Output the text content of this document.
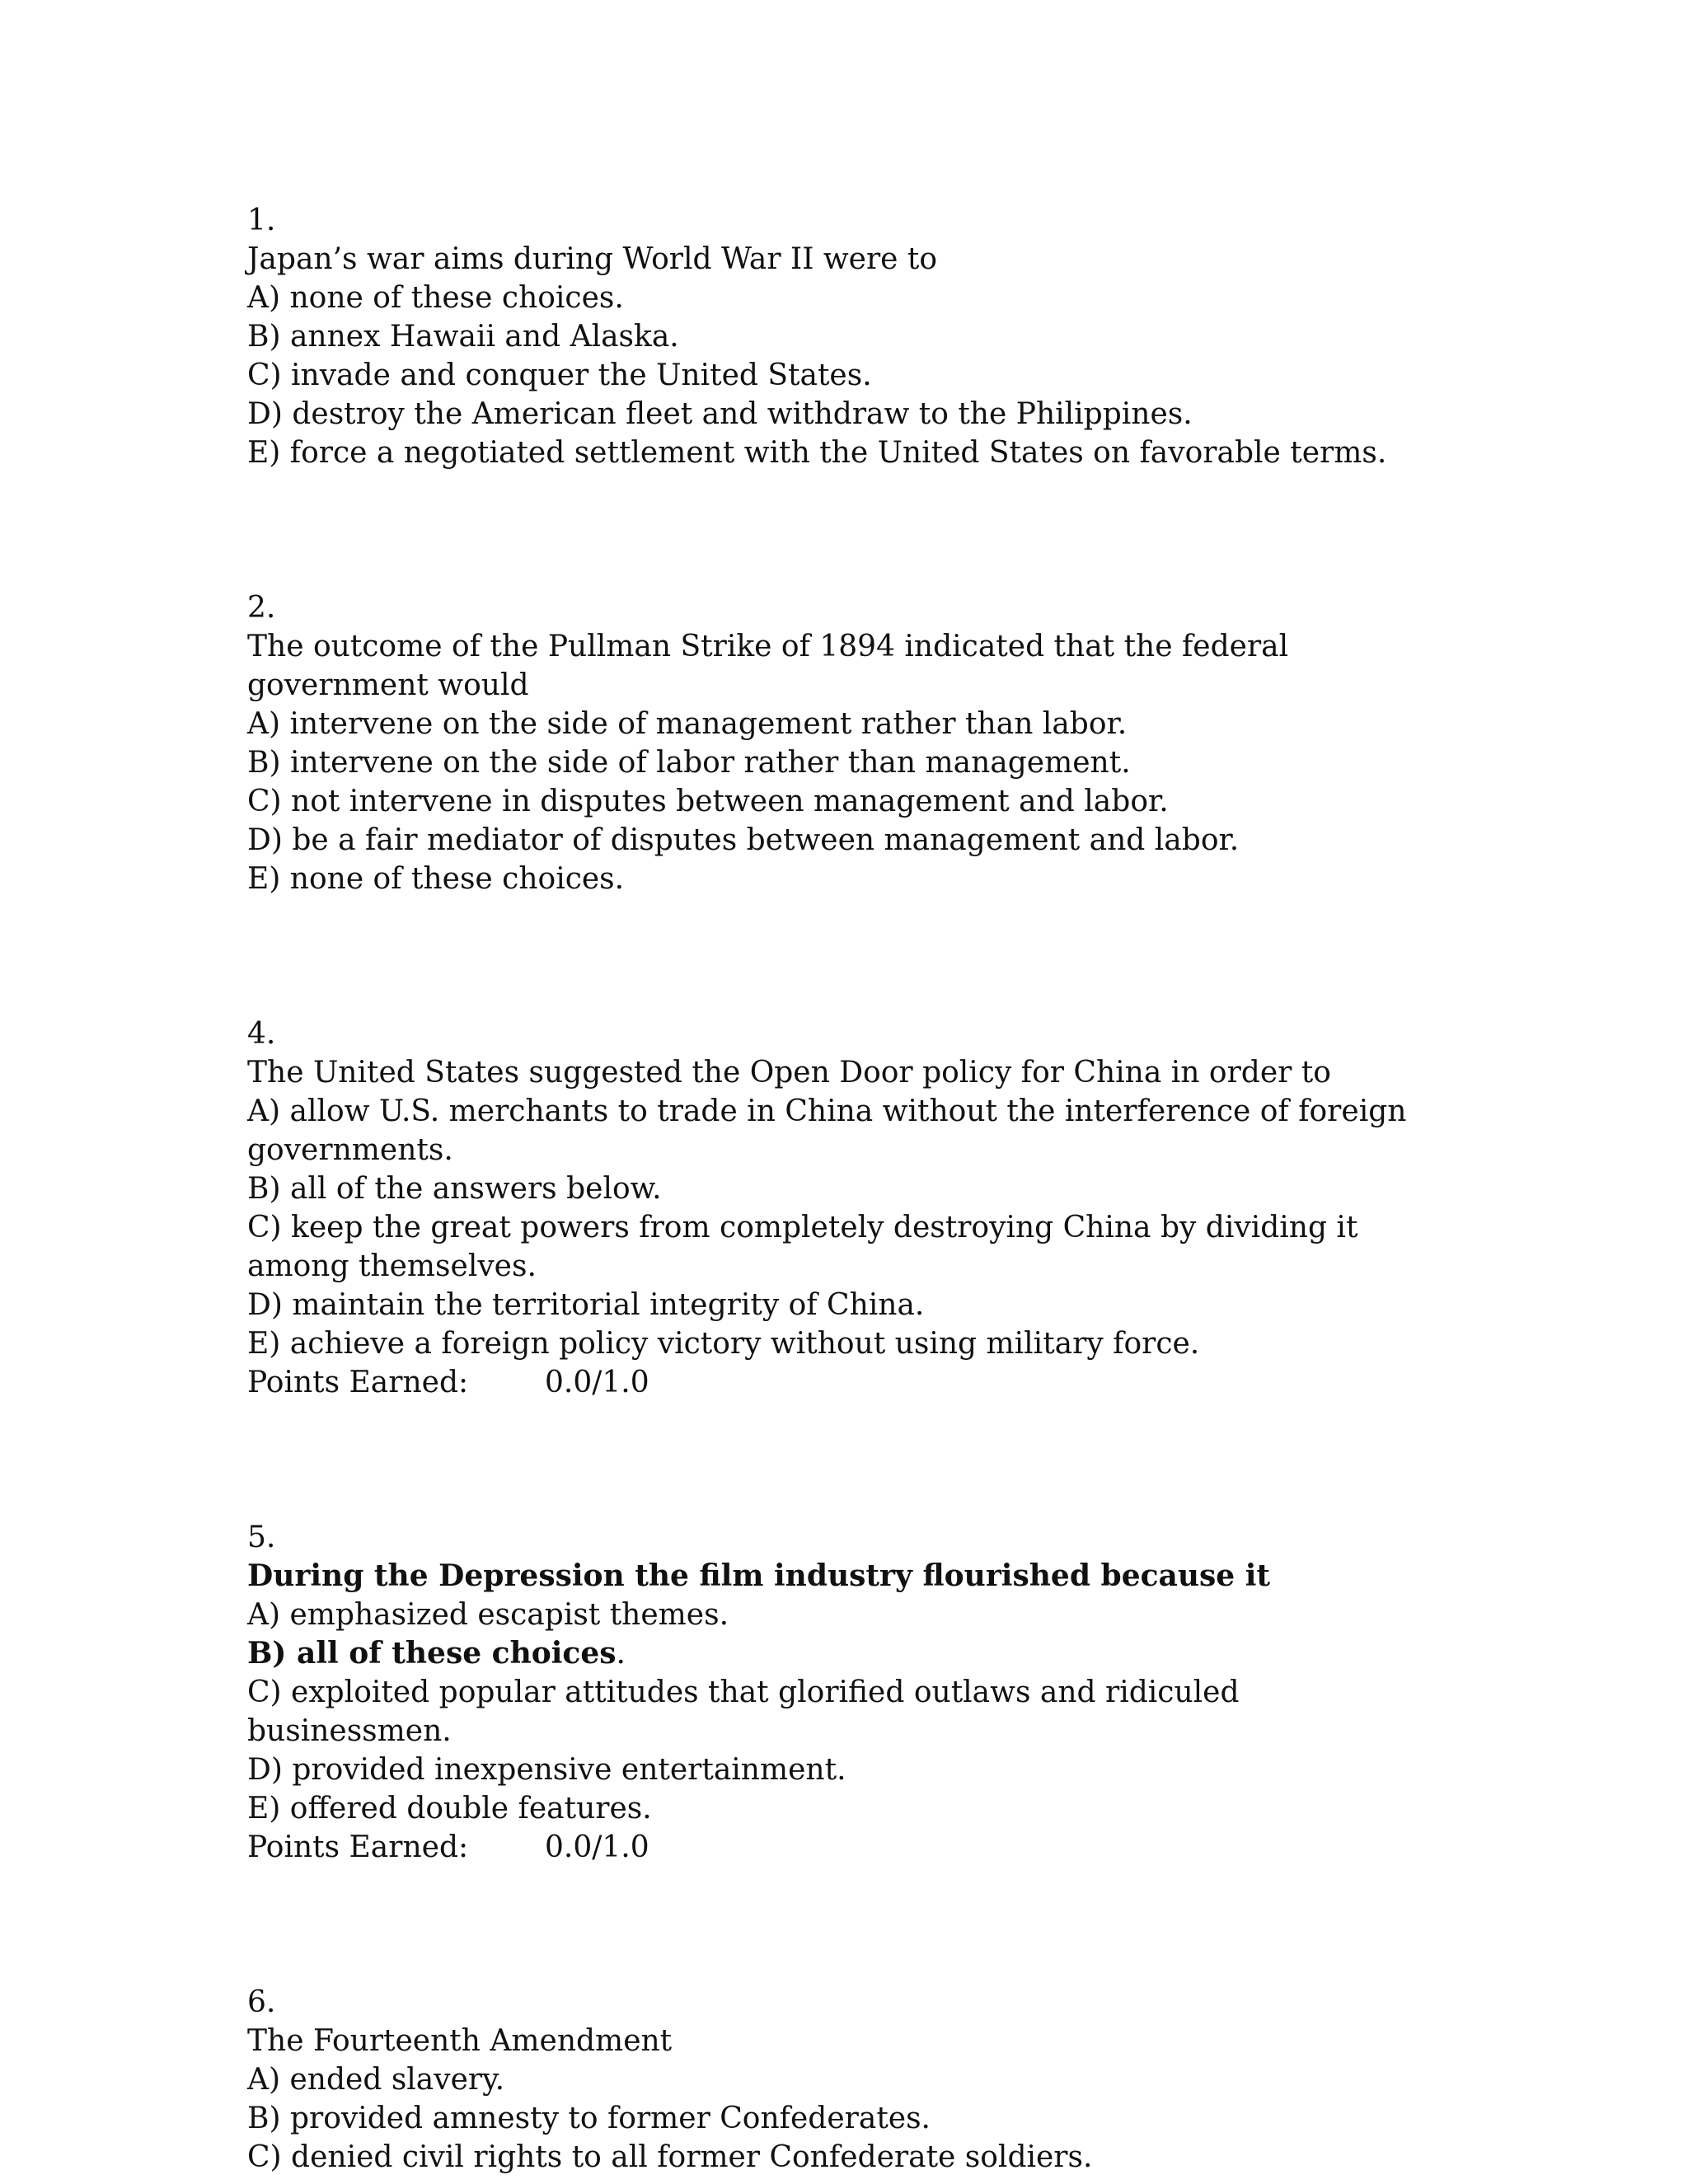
1.
Japan’s war aims during World War II were to
A) none of these choices.
B) annex Hawaii and Alaska.
C) invade and conquer the United States.
D) destroy the American fleet and withdraw to the Philippines.
E) force a negotiated settlement with the United States on favorable terms.
2.
The outcome of the Pullman Strike of 1894 indicated that the federal government would
A) intervene on the side of management rather than labor.
B) intervene on the side of labor rather than management.
C) not intervene in disputes between management and labor.
D) be a fair mediator of disputes between management and labor.
E) none of these choices.
4.
The United States suggested the Open Door policy for China in order to
A) allow U.S. merchants to trade in China without the interference of foreign governments.
B) all of the answers below.
C) keep the great powers from completely destroying China by dividing it among themselves.
D) maintain the territorial integrity of China.
E) achieve a foreign policy victory without using military force.
Points Earned:	0.0/1.0
5.
During the Depression the film industry flourished because it
A) emphasized escapist themes.
B) all of these choices.
C) exploited popular attitudes that glorified outlaws and ridiculed businessmen.
D) provided inexpensive entertainment.
E) offered double features.
Points Earned:	0.0/1.0
6.
The Fourteenth Amendment
A) ended slavery.
B) provided amnesty to former Confederates.
C) denied civil rights to all former Confederate soldiers.
